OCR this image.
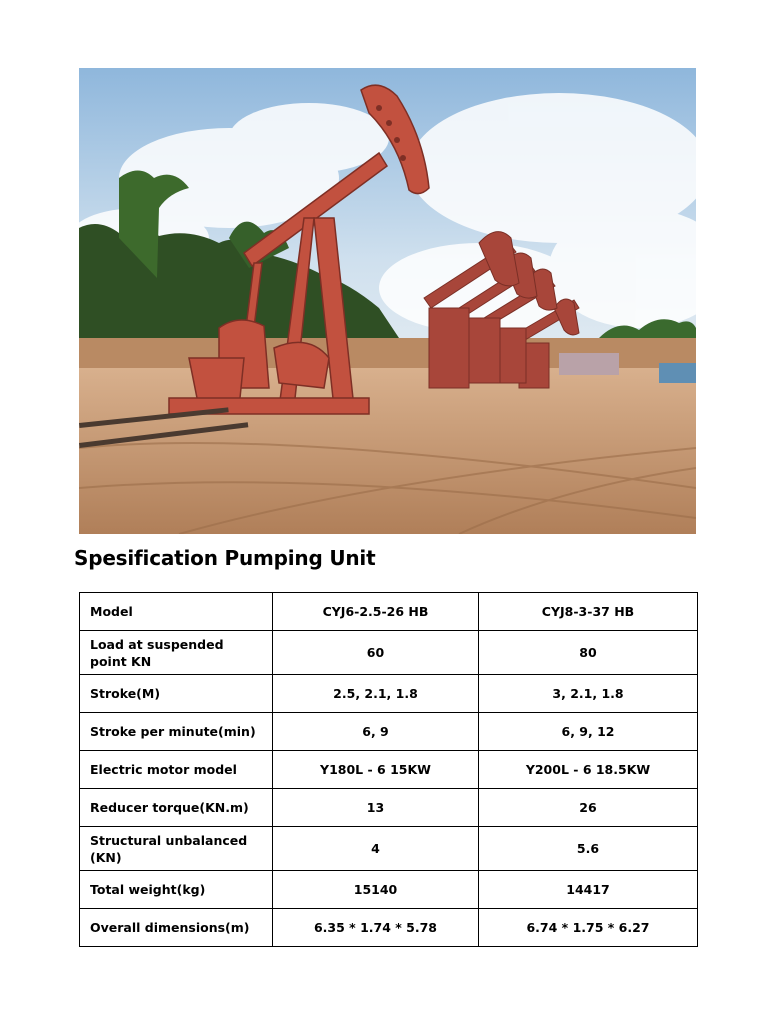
Spesification Pumping Unit
Model	CYJ6-2.5-26 HB	CYJ8-3-37 HB
Load at suspended point KN	60	80
Stroke(M)	2.5, 2.1, 1.8	3, 2.1, 1.8
Stroke per minute(min)	6, 9	6, 9, 12
Electric motor model	Y180L - 6 15KW	Y200L - 6 18.5KW
Reducer torque(KN.m)	13	26
Structural unbalanced (KN)	4	5.6
Total weight(kg)	15140	14417
Overall dimensions(m)	6.35 * 1.74 * 5.78	6.74 * 1.75 * 6.27
